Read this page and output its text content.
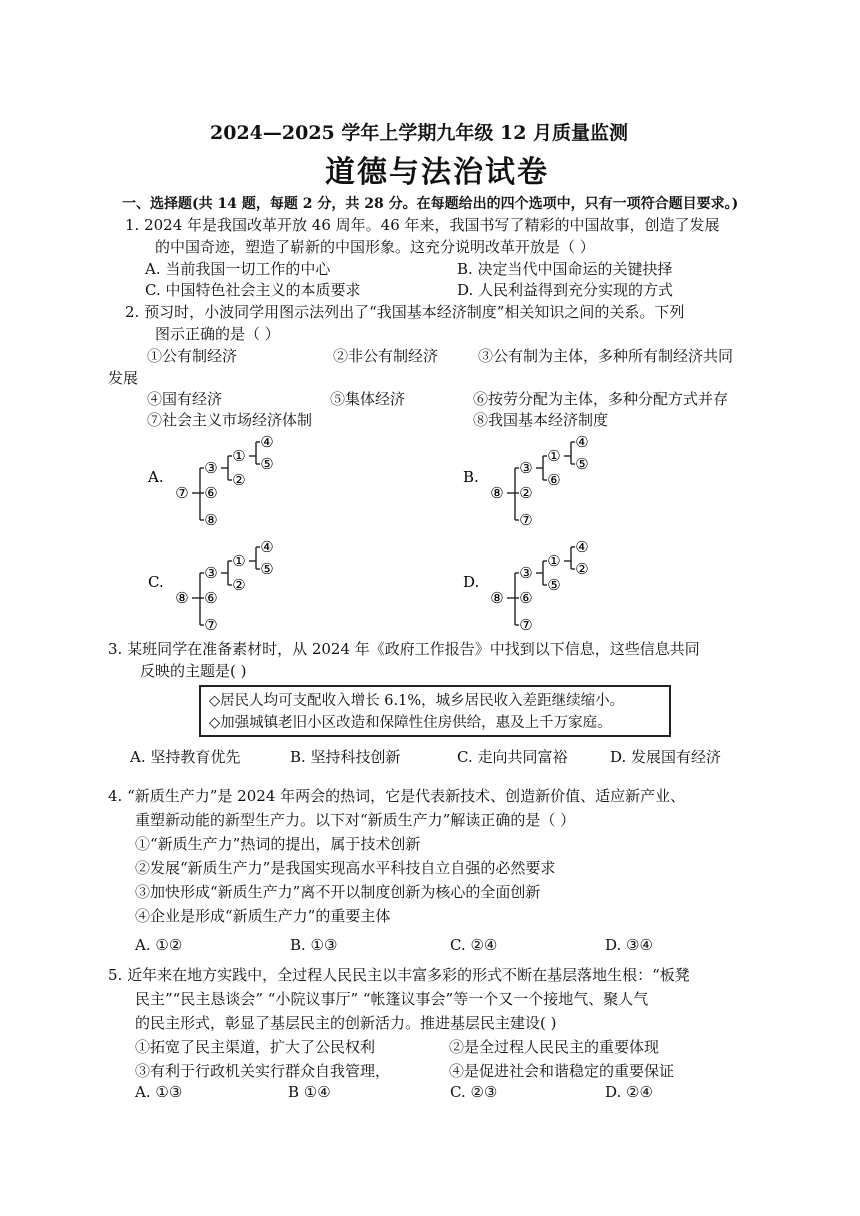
2024—2025 学年上学期九年级 12 月质量监测
道德与法治试卷
一、选择题(共 14 题，每题 2 分，共 28 分。在每题给出的四个选项中，只有一项符合题目要求。)
1. 2024 年是我国改革开放 46 周年。46 年来，我国书写了精彩的中国故事，创造了发展
的中国奇迹，塑造了崭新的中国形象。这充分说明改革开放是（ ）
A. 当前我国一切工作的中心	B. 决定当代中国命运的关键抉择
C. 中国特色社会主义的本质要求	D. 人民利益得到充分实现的方式
2. 预习时，小波同学用图示法列出了“我国基本经济制度”相关知识之间的关系。下列
图示正确的是（ ）
①公有制经济	②非公有制经济	③公有制为主体，多种所有制经济共同
发展
④国有经济	⑤集体经济	⑥按劳分配为主体，多种分配方式并存
⑦社会主义市场经济体制	⑧我国基本经济制度
A.
⑦
③
⑥
⑧
①
②
④
⑤
B.
⑧
③
②
⑦
①
⑥
④
⑤
C.
⑧
③
⑥
⑦
①
②
④
⑤
D.
⑧
③
⑥
⑦
①
⑤
④
②
3. 某班同学在准备素材时，从 2024 年《政府工作报告》中找到以下信息，这些信息共同
反映的主题是( )
◇居民人均可支配收入增长 6.1%，城乡居民收入差距继续缩小。
◇加强城镇老旧小区改造和保障性住房供给，惠及上千万家庭。
A. 坚持教育优先	B. 坚持科技创新	C. 走向共同富裕	D. 发展国有经济
4. “新质生产力”是 2024 年两会的热词，它是代表新技术、创造新价值、适应新产业、
重塑新动能的新型生产力。以下对“新质生产力”解读正确的是（ ）
①“新质生产力”热词的提出，属于技术创新
②发展“新质生产力”是我国实现高水平科技自立自强的必然要求
③加快形成“新质生产力”离不开以制度创新为核心的全面创新
④企业是形成“新质生产力”的重要主体
A. ①②	B. ①③	C. ②④	D. ③④
5. 近年来在地方实践中，全过程人民民主以丰富多彩的形式不断在基层落地生根：“板凳
民主”“民主恳谈会” “小院议事厅” “帐篷议事会”等一个又一个接地气、聚人气
的民主形式，彰显了基层民主的创新活力。推进基层民主建设( )
①拓宽了民主渠道，扩大了公民权利	②是全过程人民民主的重要体现
③有利于行政机关实行群众自我管理，	④是促进社会和谐稳定的重要保证
A. ①③	B ①④	C. ②③	D. ②④
